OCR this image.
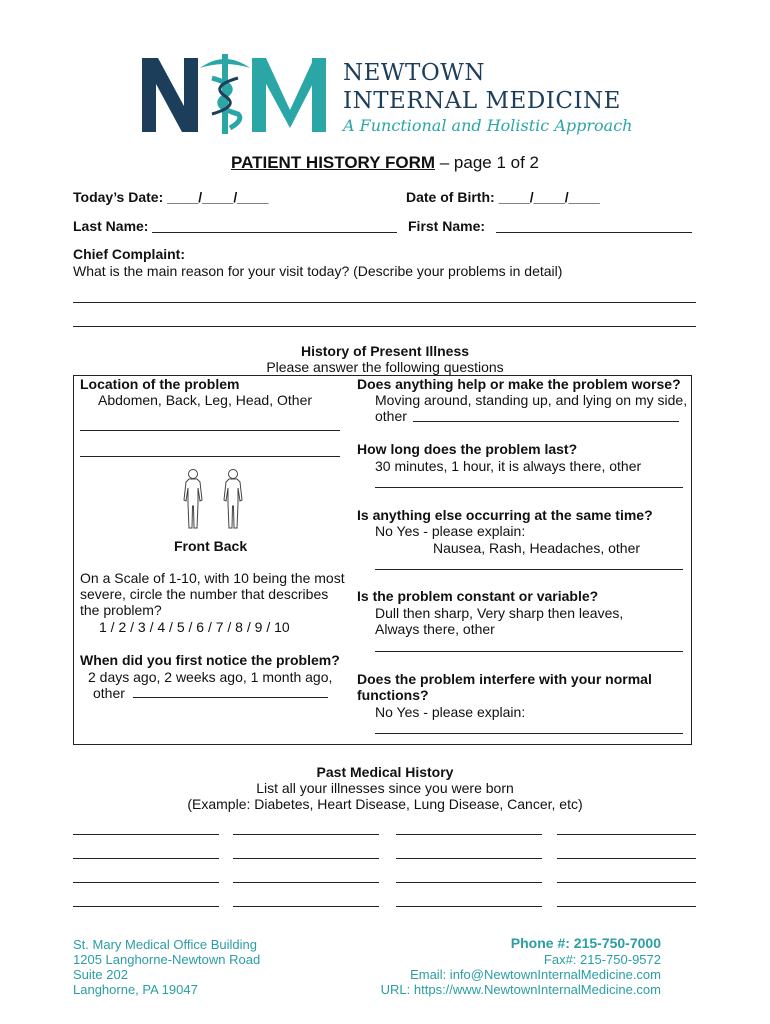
NEWTOWN
INTERNAL MEDICINE
A Functional and Holistic Approach
PATIENT HISTORY FORM – page 1 of 2
Today’s Date: ____/____/____	Date of Birth: ____/____/____
Last Name:	First Name:
Chief Complaint:
What is the main reason for your visit today? (Describe your problems in detail)
History of Present Illness
Please answer the following questions
Location of the problem
Abdomen, Back, Leg, Head, Other
Front Back
On a Scale of 1-10, with 10 being the most severe, circle the number that describes the problem?
1 / 2 / 3 / 4 / 5 / 6 / 7 / 8 / 9 / 10
When did you first notice the problem?
2 days ago, 2 weeks ago, 1 month ago,
other
Does anything help or make the problem worse?
Moving around, standing up, and lying on my side,
other
How long does the problem last?
30 minutes, 1 hour, it is always there, other
Is anything else occurring at the same time?
No Yes - please explain:
Nausea, Rash, Headaches, other
Is the problem constant or variable?
Dull then sharp, Very sharp then leaves,
Always there, other
Does the problem interfere with your normal
functions?
No Yes - please explain:
Past Medical History
List all your illnesses since you were born
(Example: Diabetes, Heart Disease, Lung Disease, Cancer, etc)
St. Mary Medical Office Building
1205 Langhorne-Newtown Road
Suite 202
Langhorne, PA 19047
Phone #: 215-750-7000
Fax#: 215-750-9572
Email: info@NewtownInternalMedicine.com
URL: https://www.NewtownInternalMedicine.com
